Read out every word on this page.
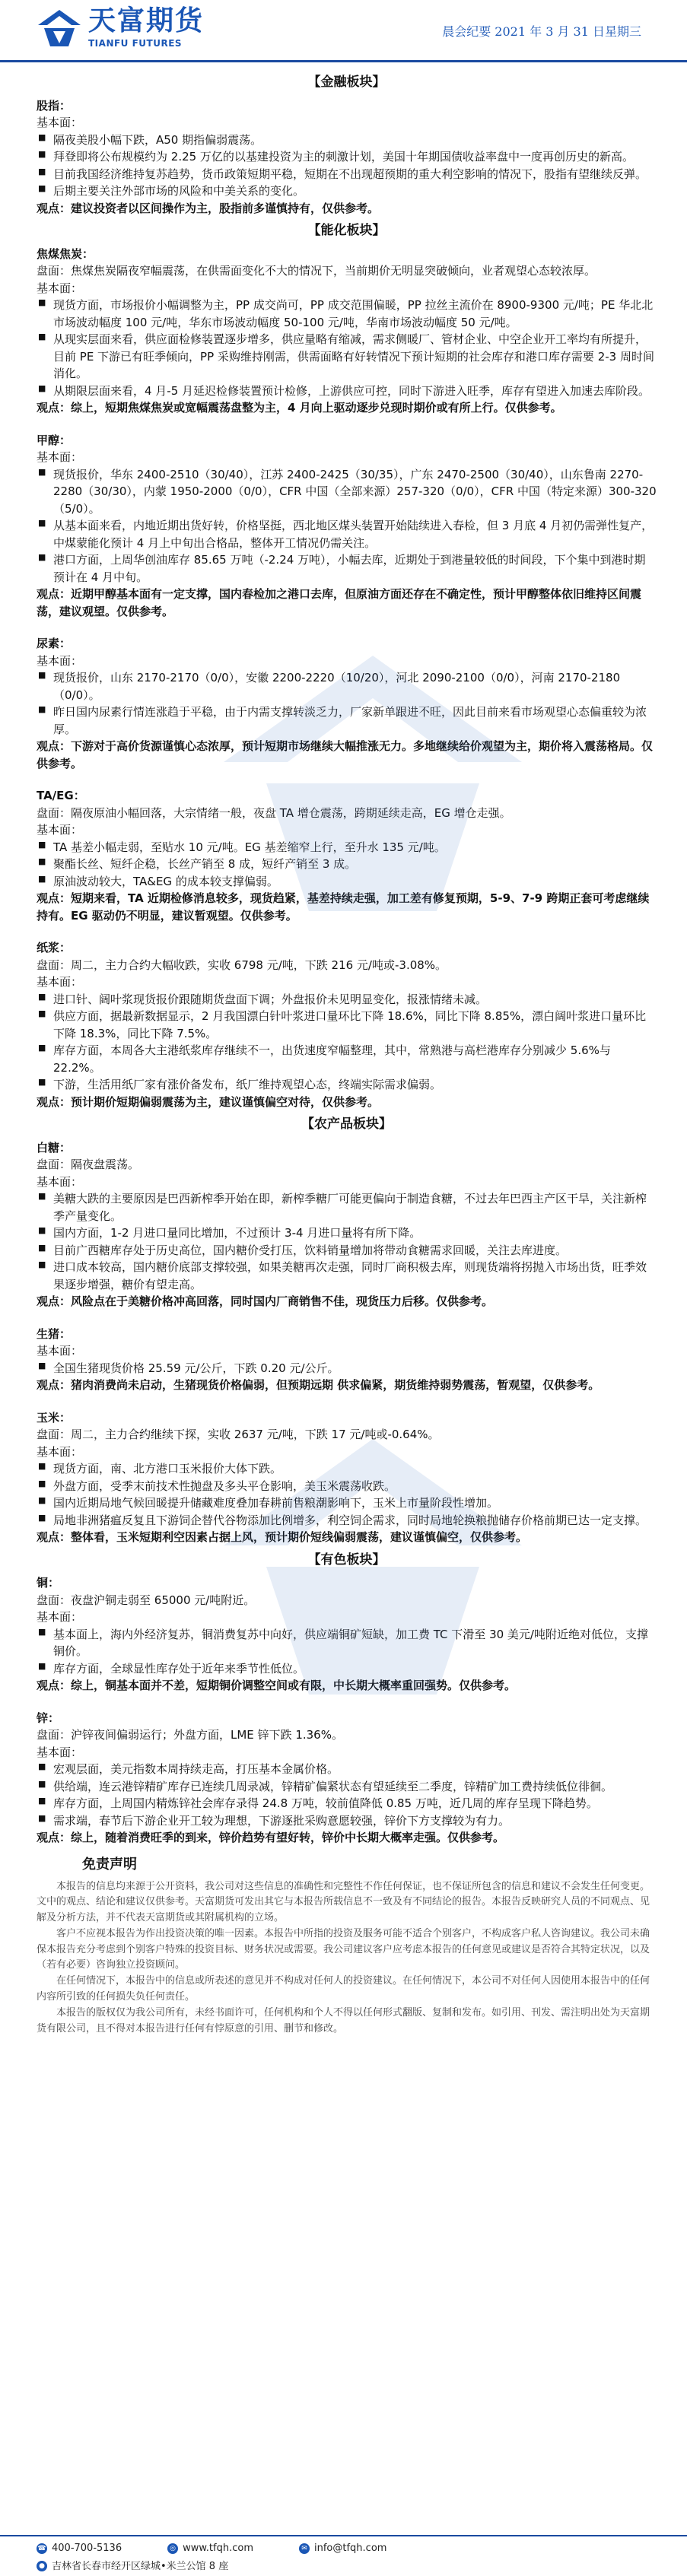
天富期货
TIANFU FUTURES
晨会纪要 2021 年 3 月 31 日星期三
【金融板块】
股指：
基本面：
■ 隔夜美股小幅下跌，A50 期指偏弱震荡。
■ 拜登即将公布规模约为 2.25 万亿的以基建投资为主的刺激计划，美国十年期国债收益率盘中一度再创历史的新高。
■ 目前我国经济维持复苏趋势，货币政策短期平稳，短期在不出现超预期的重大利空影响的情况下，股指有望继续反弹。
■ 后期主要关注外部市场的风险和中美关系的变化。
观点：建议投资者以区间操作为主，股指前多谨慎持有，仅供参考。
【能化板块】
焦煤焦炭：
盘面：焦煤焦炭隔夜窄幅震荡，在供需面变化不大的情况下，当前期价无明显突破倾向，业者观望心态较浓厚。
基本面：
■ 现货方面，市场报价小幅调整为主，PP 成交尚可，PP 成交范围偏暖，PP 拉丝主流价在 8900-9300 元/吨；PE 华北北市场波动幅度 100 元/吨，华东市场波动幅度 50-100 元/吨，华南市场波动幅度 50 元/吨。
■ 从现实层面来看，供应面检修装置逐步增多，供应量略有缩减，需求侧暖厂、管材企业、中空企业开工率均有所提升，目前 PE 下游已有旺季倾向，PP 采购维持刚需，供需面略有好转情况下预计短期的社会库存和港口库存需要 2-3 周时间消化。
■ 从期限层面来看，4 月-5 月延迟检修装置预计检修，上游供应可控，同时下游进入旺季，库存有望进入加速去库阶段。
观点：综上，短期焦煤焦炭或宽幅震荡盘整为主，4 月向上驱动逐步兑现时期价或有所上行。仅供参考。
甲醇：
基本面：
■ 现货报价，华东 2400-2510（30/40），江苏 2400-2425（30/35），广东 2470-2500（30/40），山东鲁南 2270-2280（30/30），内蒙 1950-2000（0/0），CFR 中国（全部来源）257-320（0/0），CFR 中国（特定来源）300-320（5/0）。
■ 从基本面来看，内地近期出货好转，价格坚挺，西北地区煤头装置开始陆续进入春检，但 3 月底 4 月初仍需弹性复产，中煤蒙能化预计 4 月上中旬出合格品，整体开工情况仍需关注。
■ 港口方面，上周华创油库存 85.65 万吨（-2.24 万吨），小幅去库，近期处于到港量较低的时间段，下个集中到港时期预计在 4 月中旬。
观点：近期甲醇基本面有一定支撑，国内春检加之港口去库，但原油方面还存在不确定性，预计甲醇整体依旧维持区间震荡，建议观望。仅供参考。
尿素：
基本面：
■ 现货报价，山东 2170-2170（0/0），安徽 2200-2220（10/20），河北 2090-2100（0/0），河南 2170-2180（0/0）。
■ 昨日国内尿素行情连涨趋于平稳，由于内需支撑转淡乏力，厂家新单跟进不旺，因此目前来看市场观望心态偏重较为浓厚。
观点：下游对于高价货源谨慎心态浓厚，预计短期市场继续大幅推涨无力。多地继续给价观望为主，期价将入震荡格局。仅供参考。
TA/EG：
盘面：隔夜原油小幅回落，大宗情绪一般，夜盘 TA 增仓震荡，跨期延续走高，EG 增仓走强。
基本面：
■ TA 基差小幅走弱，至贴水 10 元/吨。EG 基差缩窄上行，至升水 135 元/吨。
■ 聚酯长丝、短纤企稳，长丝产销至 8 成，短纤产销至 3 成。
■ 原油波动较大，TA&EG 的成本较支撑偏弱。
观点：短期来看，TA 近期检修消息较多，现货趋紧，基差持续走强，加工差有修复预期，5-9、7-9 跨期正套可考虑继续持有。EG 驱动仍不明显，建议暂观望。仅供参考。
纸浆：
盘面：周二，主力合约大幅收跌，实收 6798 元/吨，下跌 216 元/吨或-3.08%。
基本面：
■ 进口针、阔叶浆现货报价跟随期货盘面下调；外盘报价未见明显变化，报涨情绪未减。
■ 供应方面，据最新数据显示，2 月我国漂白针叶浆进口量环比下降 18.6%，同比下降 8.85%，漂白阔叶浆进口量环比下降 18.3%，同比下降 7.5%。
■ 库存方面，本周各大主港纸浆库存继续不一，出货速度窄幅整理，其中，常熟港与高栏港库存分别减少 5.6%与 22.2%。
■ 下游，生活用纸厂家有涨价备发布，纸厂维持观望心态，终端实际需求偏弱。
观点：预计期价短期偏弱震荡为主，建议谨慎偏空对待，仅供参考。
【农产品板块】
白糖：
盘面：隔夜盘震荡。
基本面：
■ 美糖大跌的主要原因是巴西新榨季开始在即，新榨季糖厂可能更偏向于制造食糖，不过去年巴西主产区干旱，关注新榨季产量变化。
■ 国内方面，1-2 月进口量同比增加，不过预计 3-4 月进口量将有所下降。
■ 目前广西糖库存处于历史高位，国内糖价受打压，饮料销量增加将带动食糖需求回暖，关注去库进度。
■ 进口成本较高，国内糖价底部支撑较强，如果美糖再次走强，同时厂商积极去库，则现货端将拐抛入市场出货，旺季效果逐步增强，糖价有望走高。
观点：风险点在于美糖价格冲高回落，同时国内厂商销售不佳，现货压力后移。仅供参考。
生猪：
基本面：
■ 全国生猪现货价格 25.59 元/公斤，下跌 0.20 元/公斤。
观点：猪肉消费尚未启动，生猪现货价格偏弱，但预期远期 供求偏紧，期货维持弱势震荡，暂观望，仅供参考。
玉米：
盘面：周二，主力合约继续下探，实收 2637 元/吨，下跌 17 元/吨或-0.64%。
基本面：
■ 现货方面，南、北方港口玉米报价大体下跌。
■ 外盘方面，受季末前技术性抛盘及多头平仓影响，美玉米震荡收跌。
■ 国内近期局地气候回暖提升储藏难度叠加春耕前售粮潮影响下，玉米上市量阶段性增加。
■ 局地非洲猪瘟反复且下游饲企替代谷物添加比例增多，利空饲企需求，同时局地轮换粮抛储存价格前期已达一定支撑。
观点：整体看，玉米短期利空因素占据上风，预计期价短线偏弱震荡，建议谨慎偏空，仅供参考。
【有色板块】
铜：
盘面：夜盘沪铜走弱至 65000 元/吨附近。
基本面：
■ 基本面上，海内外经济复苏，铜消费复苏中向好，供应端铜矿短缺，加工费 TC 下滑至 30 美元/吨附近绝对低位，支撑铜价。
■ 库存方面，全球显性库存处于近年来季节性低位。
观点：综上，铜基本面并不差，短期铜价调整空间或有限，中长期大概率重回强势。仅供参考。
锌：
盘面：沪锌夜间偏弱运行；外盘方面，LME 锌下跌 1.36%。
基本面：
■ 宏观层面，美元指数本周持续走高，打压基本金属价格。
■ 供给端，连云港锌精矿库存已连续几周录减，锌精矿偏紧状态有望延续至二季度，锌精矿加工费持续低位徘徊。
■ 库存方面，上周国内精炼锌社会库存录得 24.8 万吨，较前值降低 0.85 万吨，近几周的库存呈现下降趋势。
■ 需求端，春节后下游企业开工较为理想，下游逐批采购意愿较强，锌价下方支撑较为有力。
观点：综上，随着消费旺季的到来，锌价趋势有望好转，锌价中长期大概率走强。仅供参考。
免责声明
本报告的信息均来源于公开资料，我公司对这些信息的准确性和完整性不作任何保证，也不保证所包含的信息和建议不会发生任何变更。文中的观点、结论和建议仅供参考。天富期货可发出其它与本报告所载信息不一致及有不同结论的报告。本报告反映研究人员的不同观点、见解及分析方法，并不代表天富期货或其附属机构的立场。
客户不应视本报告为作出投资决策的唯一因素。本报告中所指的投资及服务可能不适合个别客户，不构成客户私人咨询建议。我公司未确保本报告充分考虑到个别客户特殊的投资目标、财务状况或需要。我公司建议客户应考虑本报告的任何意见或建议是否符合其特定状况，以及（若有必要）咨询独立投资顾问。
在任何情况下，本报告中的信息或所表述的意见并不构成对任何人的投资建议。在任何情况下，本公司不对任何人因使用本报告中的任何内容所引致的任何损失负任何责任。
本报告的版权仅为我公司所有，未经书面许可，任何机构和个人不得以任何形式翻版、复制和发布。如引用、刊发、需注明出处为天富期货有限公司，且不得对本报告进行任何有悖原意的引用、删节和修改。
☎ 400-700-5136	◎ www.tfqh.com	✉ info@tfqh.com
● 吉林省长春市经开区绿城•米兰公馆 8 座
